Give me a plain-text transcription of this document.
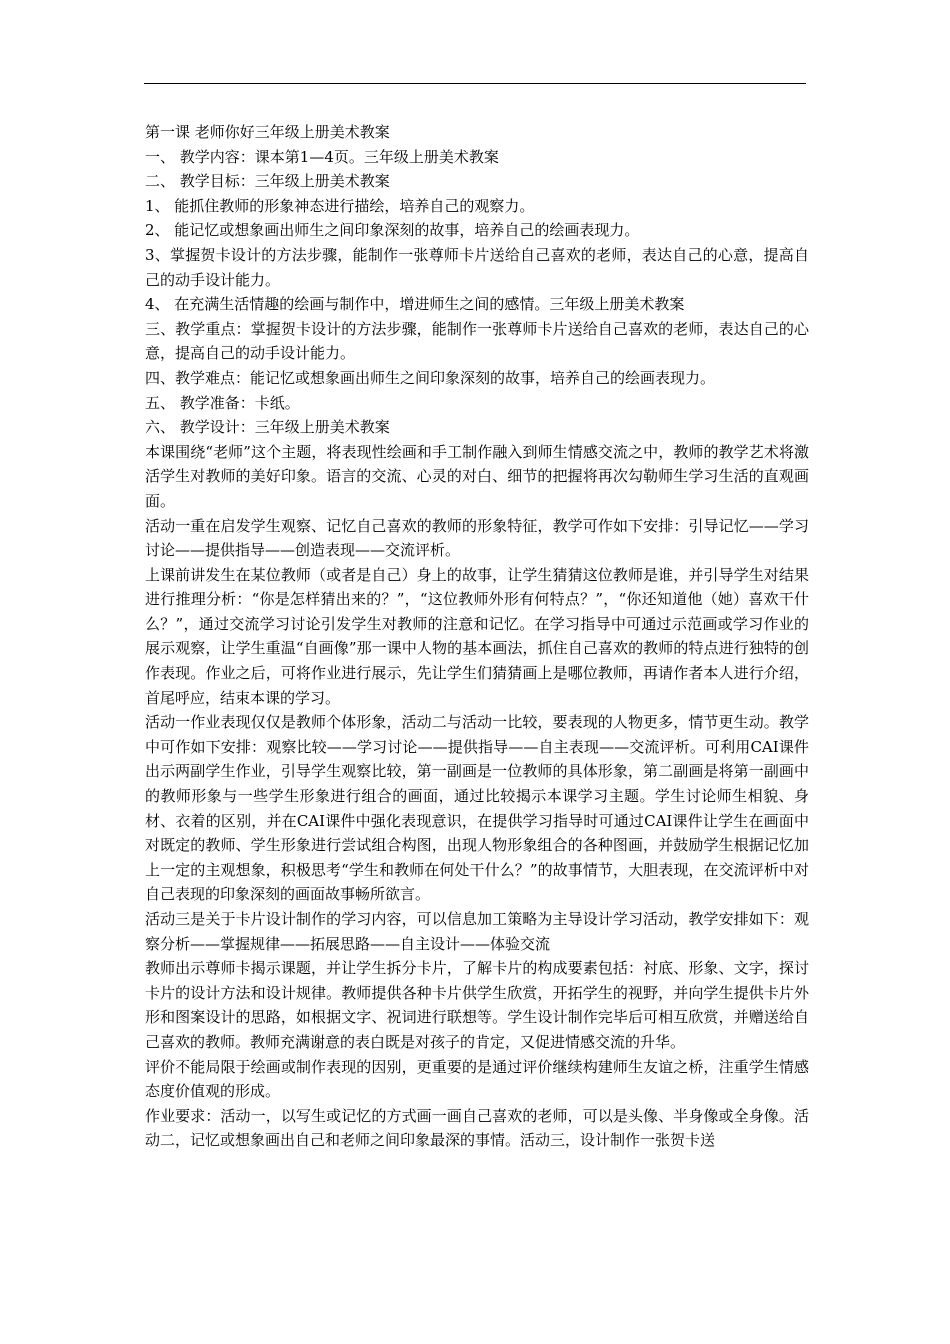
第一课 老师你好三年级上册美术教案

一、 教学内容：课本第1—4页。三年级上册美术教案

二、 教学目标：三年级上册美术教案

1、 能抓住教师的形象神态进行描绘，培养自己的观察力。

2、 能记忆或想象画出师生之间印象深刻的故事，培养自己的绘画表现力。

3、掌握贺卡设计的方法步骤，能制作一张尊师卡片送给自己喜欢的老师，表达自己的心意，提高自己的动手设计能力。

4、 在充满生活情趣的绘画与制作中，增进师生之间的感情。三年级上册美术教案

三、教学重点：掌握贺卡设计的方法步骤，能制作一张尊师卡片送给自己喜欢的老师，表达自己的心意，提高自己的动手设计能力。

四、教学难点：能记忆或想象画出师生之间印象深刻的故事，培养自己的绘画表现力。

五、 教学准备：卡纸。

六、 教学设计：三年级上册美术教案

本课围绕“老师”这个主题，将表现性绘画和手工制作融入到师生情感交流之中，教师的教学艺术将激活学生对教师的美好印象。语言的交流、心灵的对白、细节的把握将再次勾勒师生学习生活的直观画面。

活动一重在启发学生观察、记忆自己喜欢的教师的形象特征，教学可作如下安排：引导记忆——学习讨论——提供指导——创造表现——交流评析。

上课前讲发生在某位教师（或者是自己）身上的故事，让学生猜猜这位教师是谁，并引导学生对结果进行推理分析：“你是怎样猜出来的？”，“这位教师外形有何特点？”，“你还知道他（她）喜欢干什么？”，通过交流学习讨论引发学生对教师的注意和记忆。在学习指导中可通过示范画或学习作业的展示观察，让学生重温“自画像”那一课中人物的基本画法，抓住自己喜欢的教师的特点进行独特的创作表现。作业之后，可将作业进行展示，先让学生们猜猜画上是哪位教师，再请作者本人进行介绍，首尾呼应，结束本课的学习。

活动一作业表现仅仅是教师个体形象，活动二与活动一比较，要表现的人物更多，情节更生动。教学中可作如下安排：观察比较——学习讨论——提供指导——自主表现——交流评析。可利用CAI课件出示两副学生作业，引导学生观察比较，第一副画是一位教师的具体形象，第二副画是将第一副画中的教师形象与一些学生形象进行组合的画面，通过比较揭示本课学习主题。学生讨论师生相貌、身材、衣着的区别，并在CAI课件中强化表现意识，在提供学习指导时可通过CAI课件让学生在画面中对既定的教师、学生形象进行尝试组合构图，出现人物形象组合的各种图画，并鼓励学生根据记忆加上一定的主观想象，积极思考“学生和教师在何处干什么？”的故事情节，大胆表现，在交流评析中对自己表现的印象深刻的画面故事畅所欲言。

活动三是关于卡片设计制作的学习内容，可以信息加工策略为主导设计学习活动，教学安排如下：观察分析——掌握规律——拓展思路——自主设计——体验交流

教师出示尊师卡揭示课题，并让学生拆分卡片，了解卡片的构成要素包括：衬底、形象、文字，探讨卡片的设计方法和设计规律。教师提供各种卡片供学生欣赏，开拓学生的视野，并向学生提供卡片外形和图案设计的思路，如根据文字、祝词进行联想等。学生设计制作完毕后可相互欣赏，并赠送给自己喜欢的教师。教师充满谢意的表白既是对孩子的肯定，又促进情感交流的升华。

评价不能局限于绘画或制作表现的因别，更重要的是通过评价继续构建师生友谊之桥，注重学生情感态度价值观的形成。

作业要求：活动一，以写生或记忆的方式画一画自己喜欢的老师，可以是头像、半身像或全身像。活动二，记忆或想象画出自己和老师之间印象最深的事情。活动三，设计制作一张贺卡送
